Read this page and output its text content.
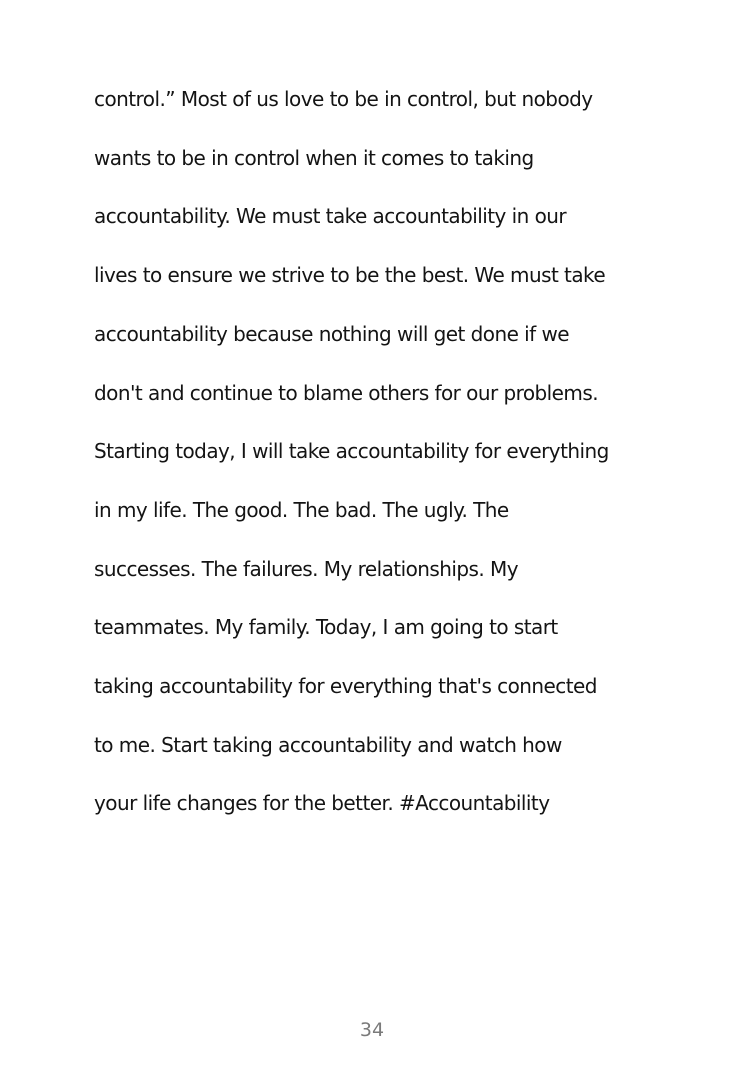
control.” Most of us love to be in control, but nobody
wants to be in control when it comes to taking
accountability. We must take accountability in our
lives to ensure we strive to be the best. We must take
accountability because nothing will get done if we
don't and continue to blame others for our problems.
Starting today, I will take accountability for everything
in my life. The good. The bad. The ugly. The
successes. The failures. My relationships. My
teammates. My family. Today, I am going to start
taking accountability for everything that's connected
to me. Start taking accountability and watch how
your life changes for the better. #Accountability
34
